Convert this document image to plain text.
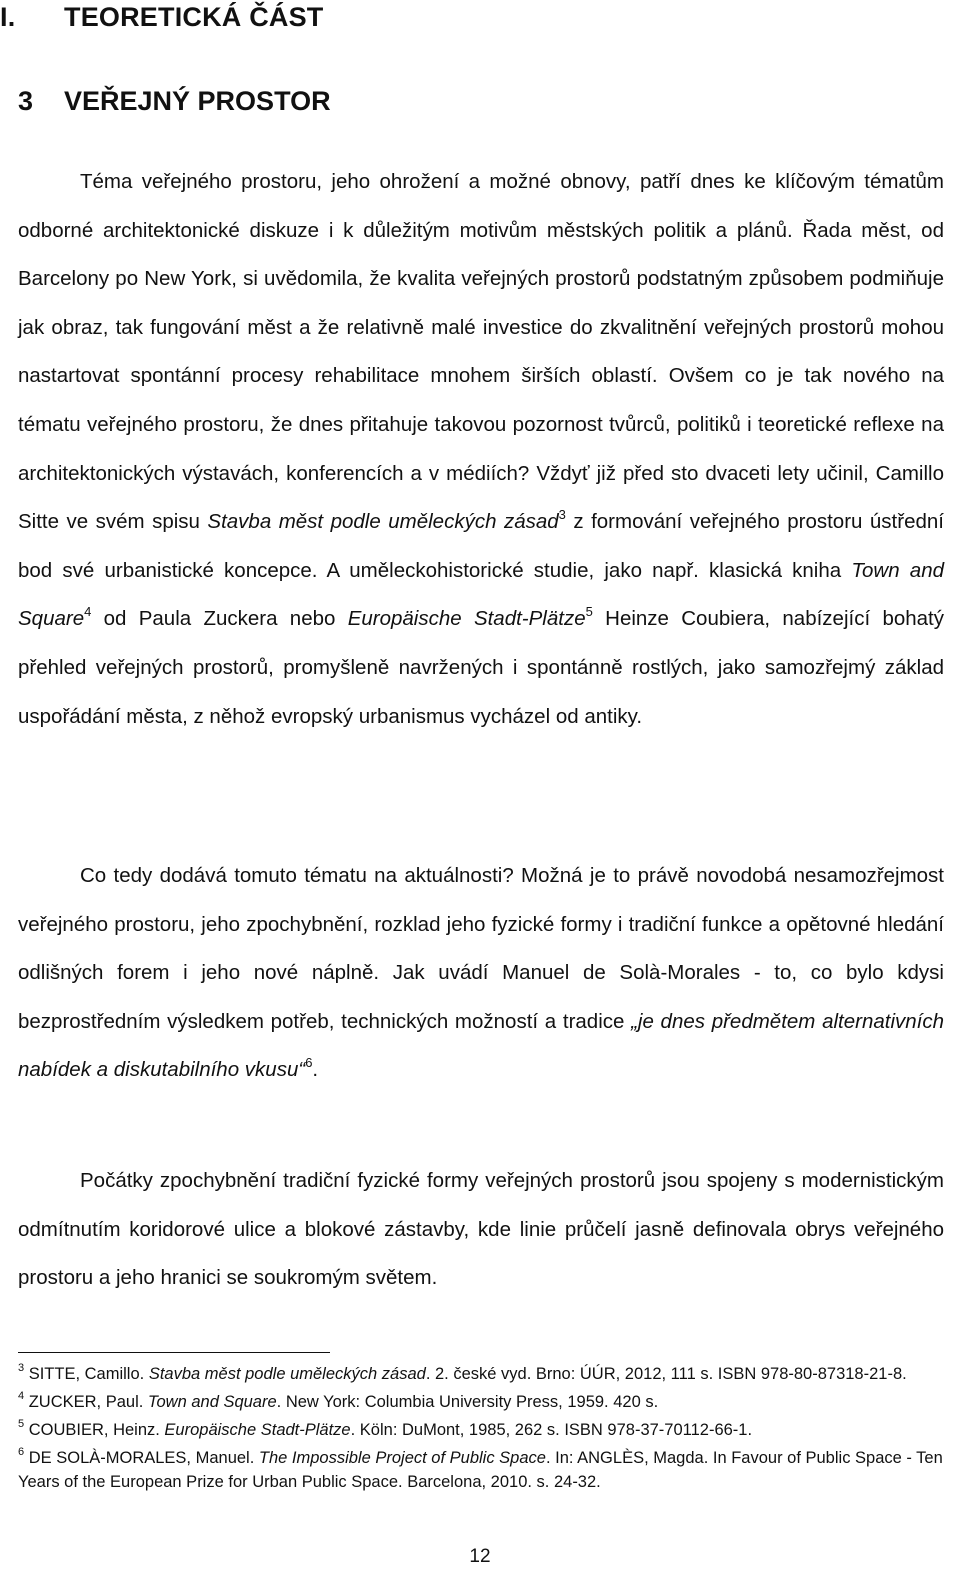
I. TEORETICKÁ ČÁST
3 VEŘEJNÝ PROSTOR

Téma veřejného prostoru, jeho ohrožení a možné obnovy, patří dnes ke klíčovým tématům odborné architektonické diskuze i k důležitým motivům městských politik a plánů. Řada měst, od Barcelony po New York, si uvědomila, že kvalita veřejných prostorů podstatným způsobem podmiňuje jak obraz, tak fungování měst a že relativně malé investice do zkvalitnění veřejných prostorů mohou nastartovat spontánní procesy rehabilitace mnohem širších oblastí. Ovšem co je tak nového na tématu veřejného prostoru, že dnes přitahuje takovou pozornost tvůrců, politiků i teoretické reflexe na architektonických výstavách, konferencích a v médiích? Vždyť již před sto dvaceti lety učinil, Camillo Sitte ve svém spisu Stavba měst podle uměleckých zásad$^3$ z formování veřejného prostoru ústřední bod své urbanistické koncepce. A uměleckohistorické studie, jako např. klasická kniha Town and Square$^4$ od Paula Zuckera nebo Europäische Stadt-Plätze$^5$ Heinze Coubiera, nabízející bohatý přehled veřejných prostorů, promyšleně navržených i spontánně rostlých, jako samozřejmý základ uspořádání města, z něhož evropský urbanismus vycházel od antiky.

Co tedy dodává tomuto tématu na aktuálnosti? Možná je to právě novodobá nesamozřejmost veřejného prostoru, jeho zpochybnění, rozklad jeho fyzické formy i tradiční funkce a opětovné hledání odlišných forem i jeho nové náplně. Jak uvádí Manuel de Solà-Morales - to, co bylo kdysi bezprostředním výsledkem potřeb, technických možností a tradice „je dnes předmětem alternativních nabídek a diskutabilního vkusu“$^6$.

Počátky zpochybnění tradiční fyzické formy veřejných prostorů jsou spojeny s modernistickým odmítnutím koridorové ulice a blokové zástavby, kde linie průčelí jasně definovala obrys veřejného prostoru a jeho hranici se soukromým světem.

$^3$ SITTE, Camillo. Stavba měst podle uměleckých zásad. 2. české vyd. Brno: ÚÚR, 2012, 111 s. ISBN 978-80-87318-21-8.
$^4$ ZUCKER, Paul. Town and Square. New York: Columbia University Press, 1959. 420 s.
$^5$ COUBIER, Heinz. Europäische Stadt-Plätze. Köln: DuMont, 1985, 262 s. ISBN 978-37-70112-66-1.
$^6$ DE SOLÀ-MORALES, Manuel. The Impossible Project of Public Space. In: ANGLÈS, Magda. In Favour of Public Space - Ten Years of the European Prize for Urban Public Space. Barcelona, 2010. s. 24-32.
12
